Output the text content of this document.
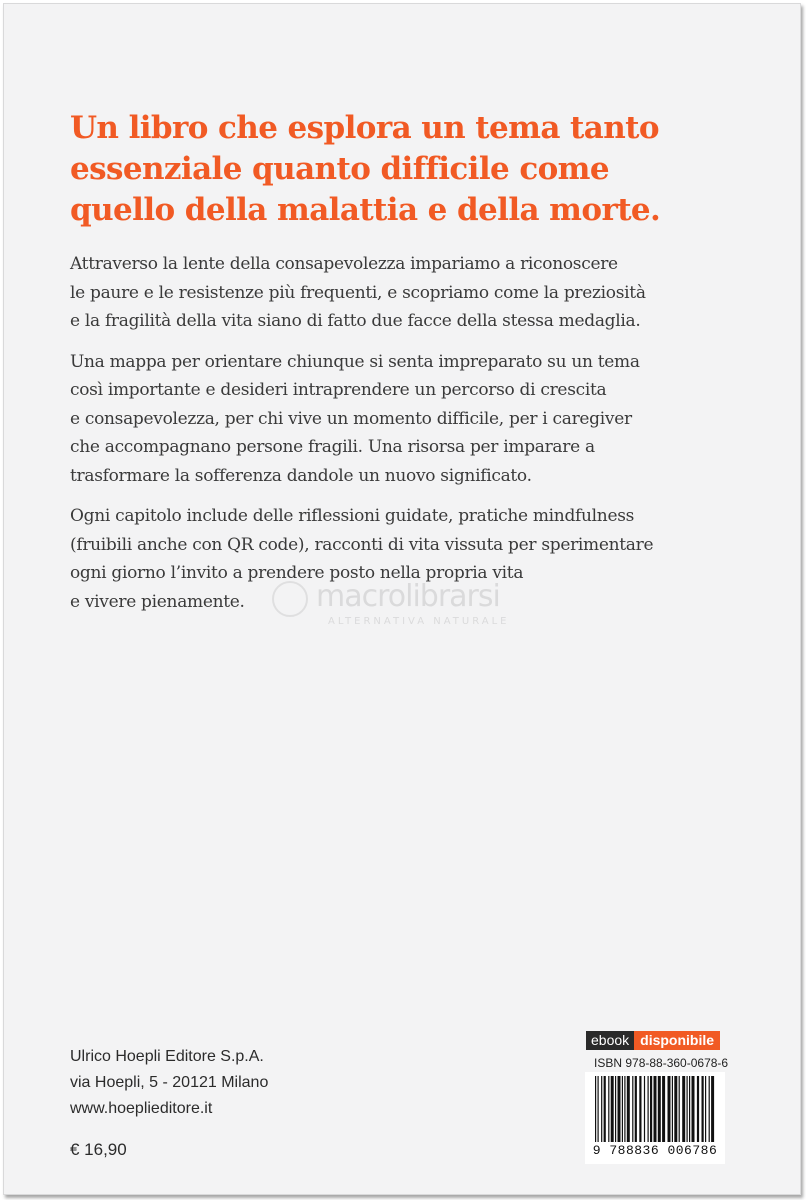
Un libro che esplora un tema tanto
essenziale quanto difficile come
quello della malattia e della morte.

Attraverso la lente della consapevolezza impariamo a riconoscere
le paure e le resistenze più frequenti, e scopriamo come la preziosità
e la fragilità della vita siano di fatto due facce della stessa medaglia.

Una mappa per orientare chiunque si senta impreparato su un tema
così importante e desideri intraprendere un percorso di crescita
e consapevolezza, per chi vive un momento difficile, per i caregiver
che accompagnano persone fragili. Una risorsa per imparare a
trasformare la sofferenza dandole un nuovo significato.

Ogni capitolo include delle riflessioni guidate, pratiche mindfulness
(fruibili anche con QR code), racconti di vita vissuta per sperimentare
ogni giorno l’invito a prendere posto nella propria vita
e vivere pienamente.	macrolibrarsi
ALTERNATIVA NATURALE
Ulrico Hoepli Editore S.p.A.
via Hoepli, 5 - 20121 Milano
www.hoeplieditore.it
€ 16,90
ebook disponibile
ISBN 978-88-360-0678-6
9 788836 006786
